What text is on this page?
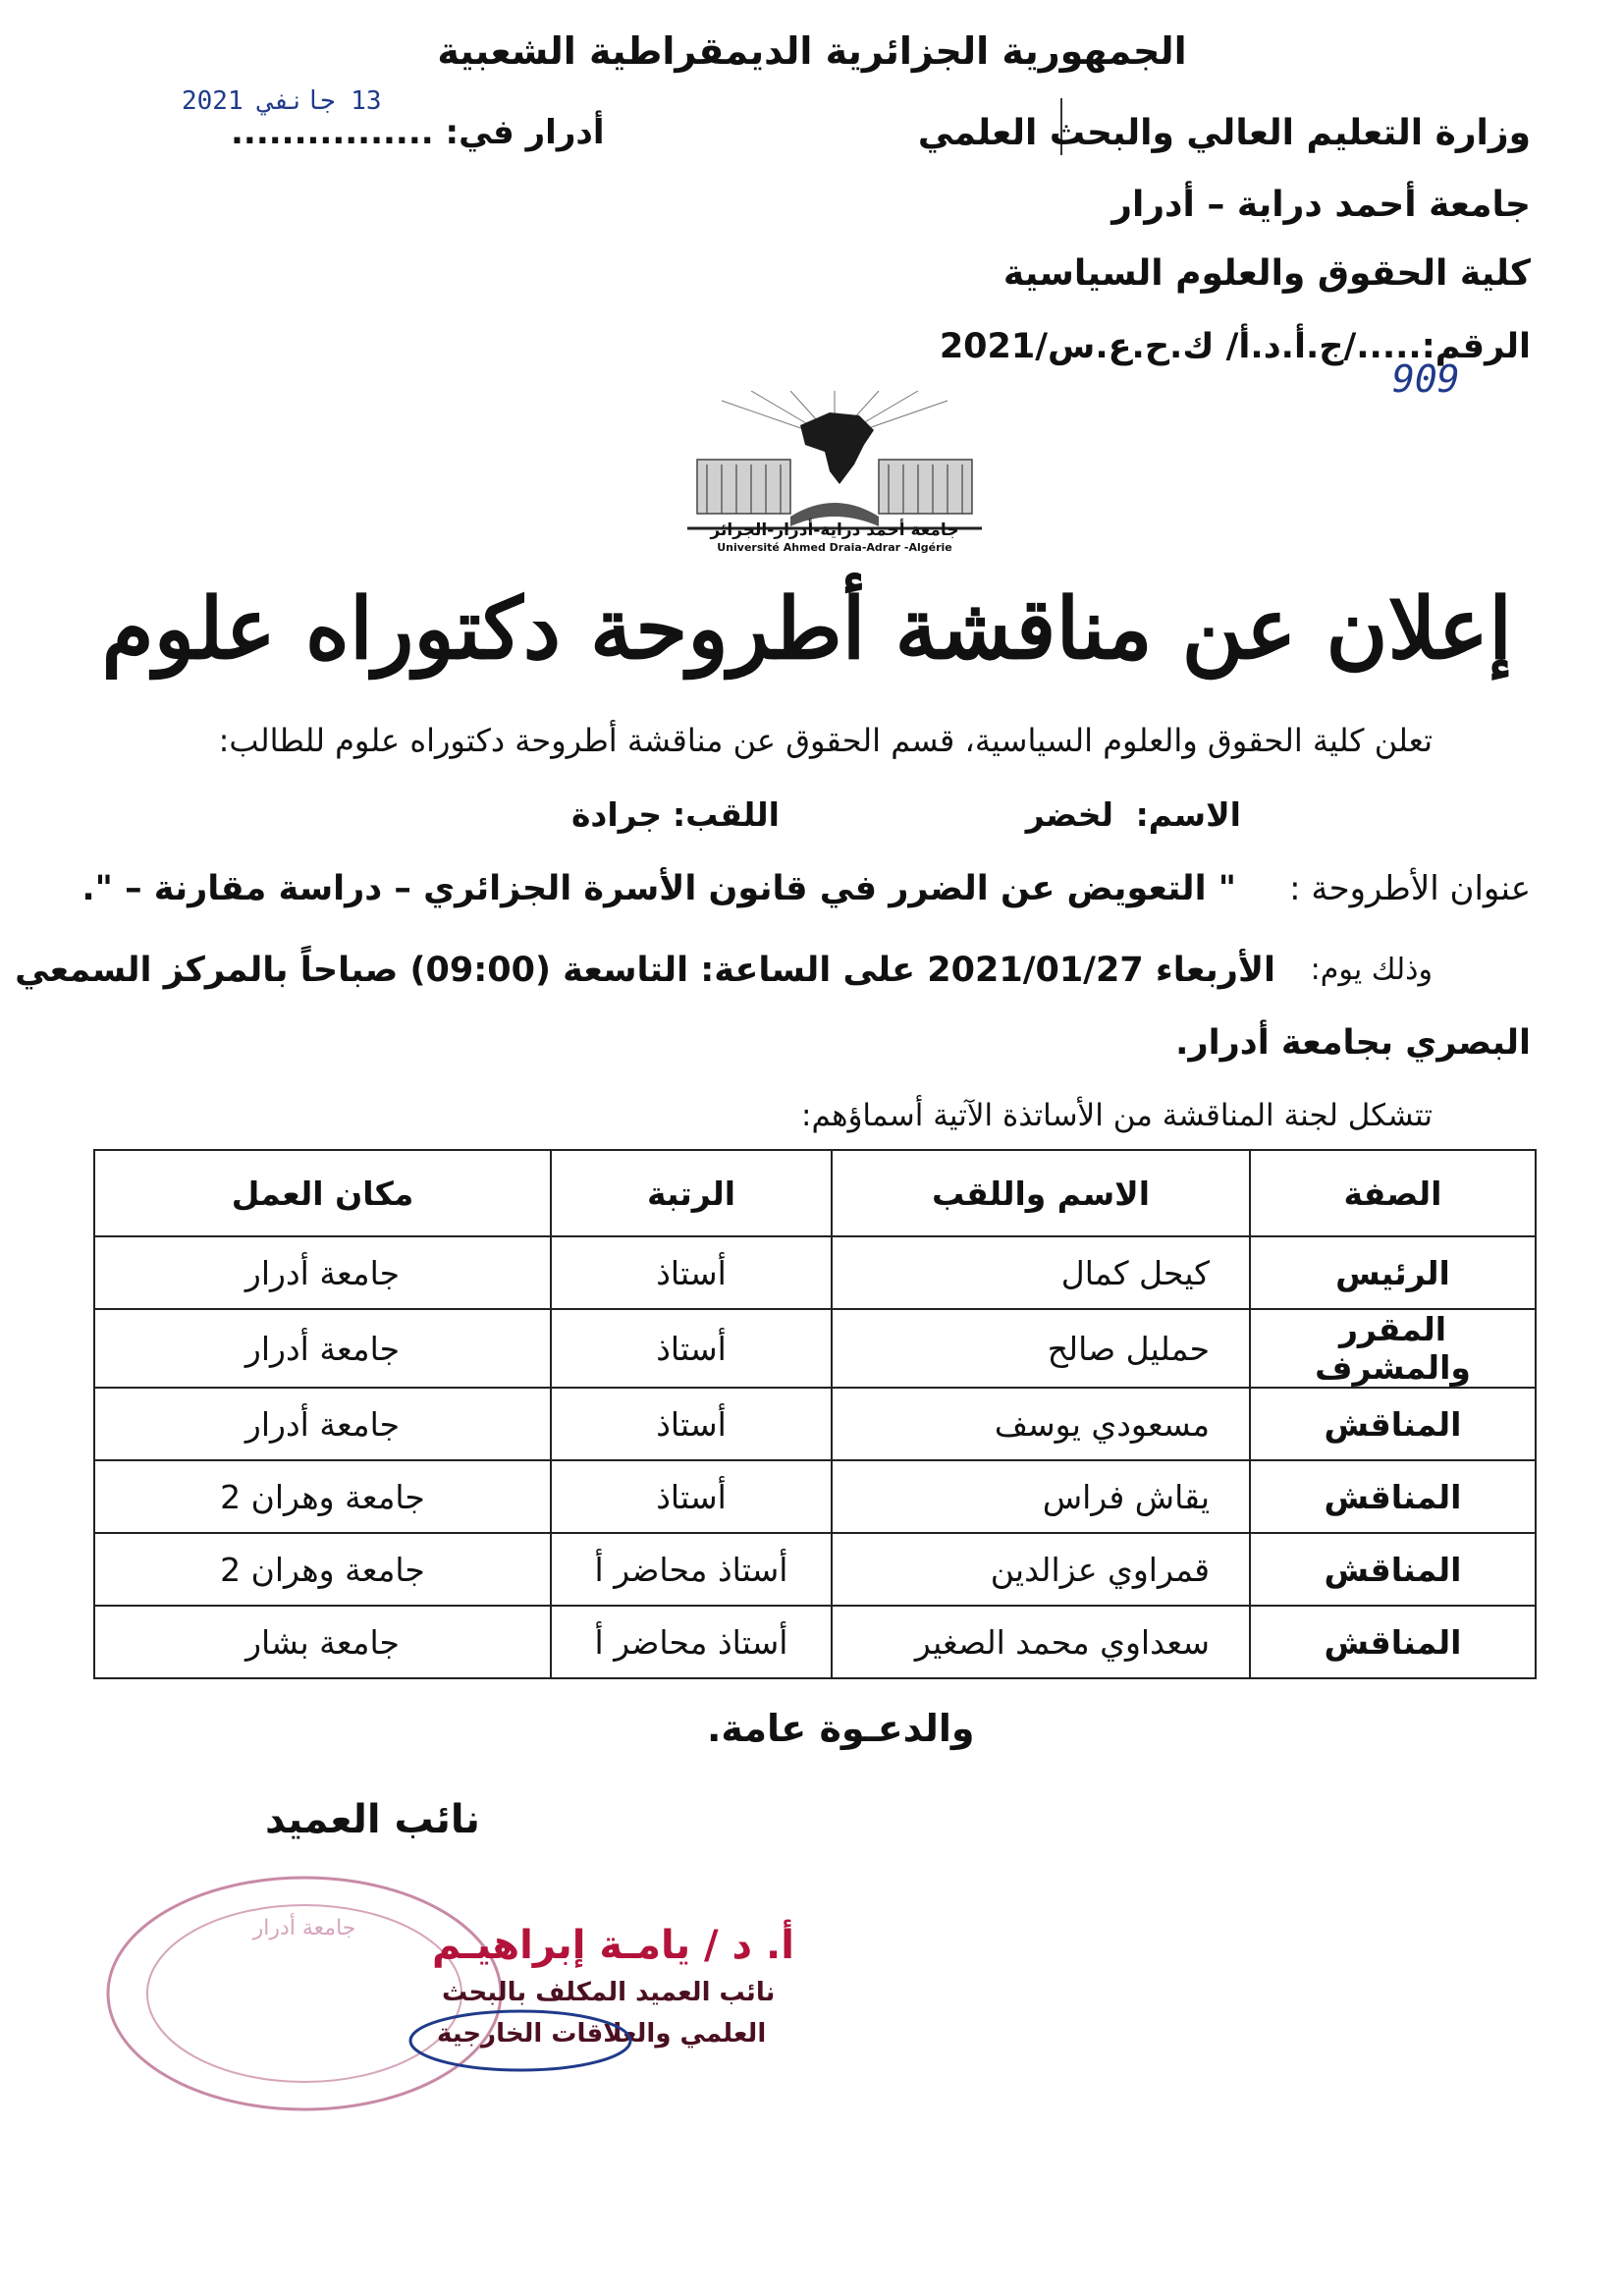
الجمهورية الجزائرية الديمقراطية الشعبية
13 جانفي 2021
أدرار في: ................	وزارة التعليم العالي والبحث العلمي
جامعة أحمد دراية – أدرار
كلية الحقوق والعلوم السياسية
الرقم:...../ج.أ.د.أ/ ك.ح.ع.س/2021
909
جامعة أحمد دراية-أدرار-الجزائر
Université Ahmed Draia-Adrar -Algérie
إعلان عن مناقشة أطروحة دكتوراه علوم
تعلن كلية الحقوق والعلوم السياسية، قسم الحقوق عن مناقشة أطروحة دكتوراه علوم للطالب:
الاسم:
لخضر
اللقب:
جرادة
عنوان الأطروحة :
" التعويض عن الضرر في قانون الأسرة الجزائري – دراسة مقارنة – ".
وذلك يوم:
الأربعاء 2021/01/27 على الساعة: التاسعة (09:00) صباحاً بالمركز السمعي
البصري بجامعة أدرار.
تتشكل لجنة المناقشة من الأساتذة الآتية أسماؤهم:
الصفة	الاسم واللقب	الرتبة	مكان العمل
الرئيس	كيحل كمال	أستاذ	جامعة أدرار
المقرر والمشرف	حمليل صالح	أستاذ	جامعة أدرار
المناقش	مسعودي يوسف	أستاذ	جامعة أدرار
المناقش	يقاش فراس	أستاذ	جامعة وهران 2
المناقش	قمراوي عزالدين	أستاذ محاضر أ	جامعة وهران 2
المناقش	سعداوي محمد الصغير	أستاذ محاضر أ	جامعة بشار
والدعـوة عامة.
نائب العميد
جامعة أدرار أ. د / يامـة إبراهيـم
نائب العميد المكلف بالبحث
العلمي والعلاقات الخارجية
